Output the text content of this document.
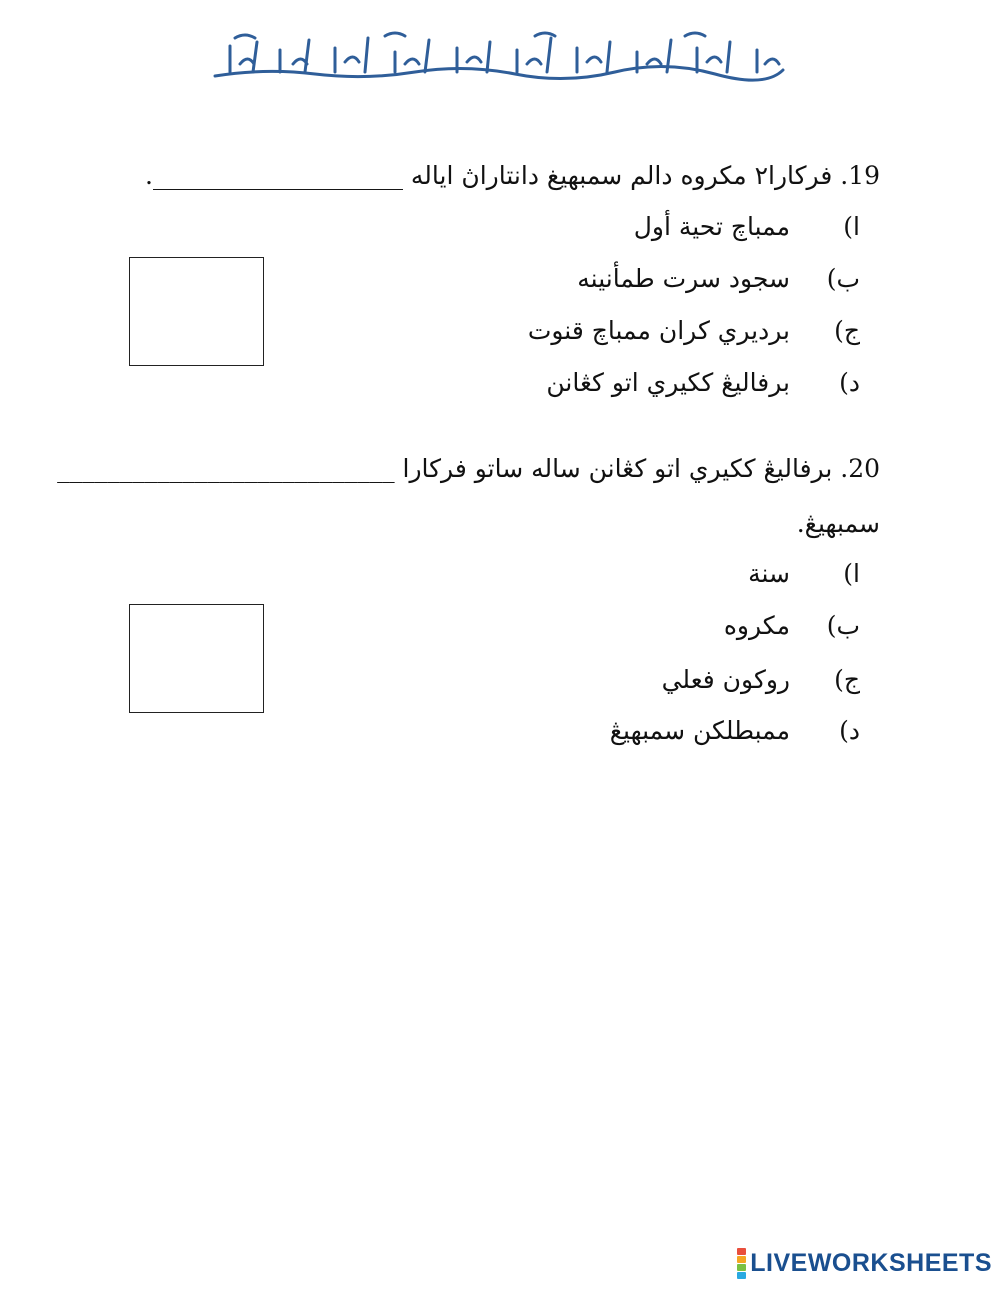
19. فرکارا٢ مکروه دالم سمبهيغ دانتاراڽ اياله ____________________.
ا)ممباچ تحية أول
ب)سجود سرت طمأنينه
ج)برديري کران ممباچ قنوت
د)برفاليڠ ککيري اتو کڠانن
20. برفاليڠ ککيري اتو کڠانن ساله ساتو فرکارا ___________________________
سمبهيڠ.
ا)سنة
ب)مکروه
ج)روکون فعلي
د)ممبطلکن سمبهيڠ
LIVEWORKSHEETS
